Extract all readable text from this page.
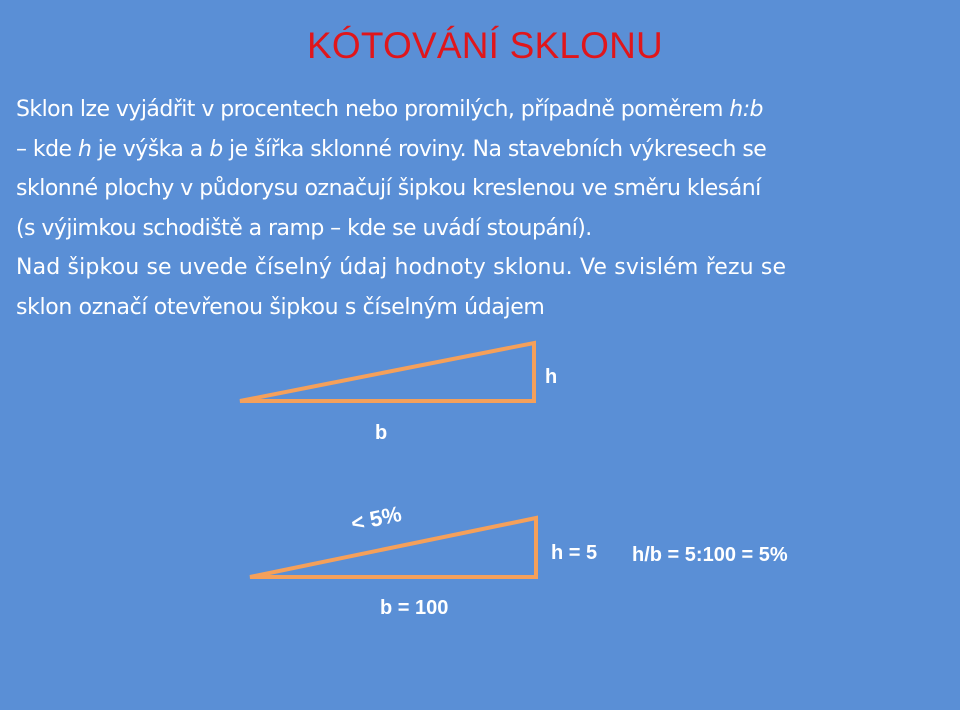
KÓTOVÁNÍ SKLONU

Sklon lze vyjádřit v procentech nebo promilých, případně poměrem h:b

– kde h je výška a b je šířka sklonné roviny. Na stavebních výkresech se

sklonné plochy v půdorysu označují šipkou kreslenou ve směru klesání

(s výjimkou schodiště a ramp – kde se uvádí stoupání).

Nad šipkou se uvede číselný údaj hodnoty sklonu. Ve svislém řezu se

sklon označí otevřenou šipkou s číselným údajem

h
b
< 5%
h = 5 h/b = 5:100 = 5%
b = 100
